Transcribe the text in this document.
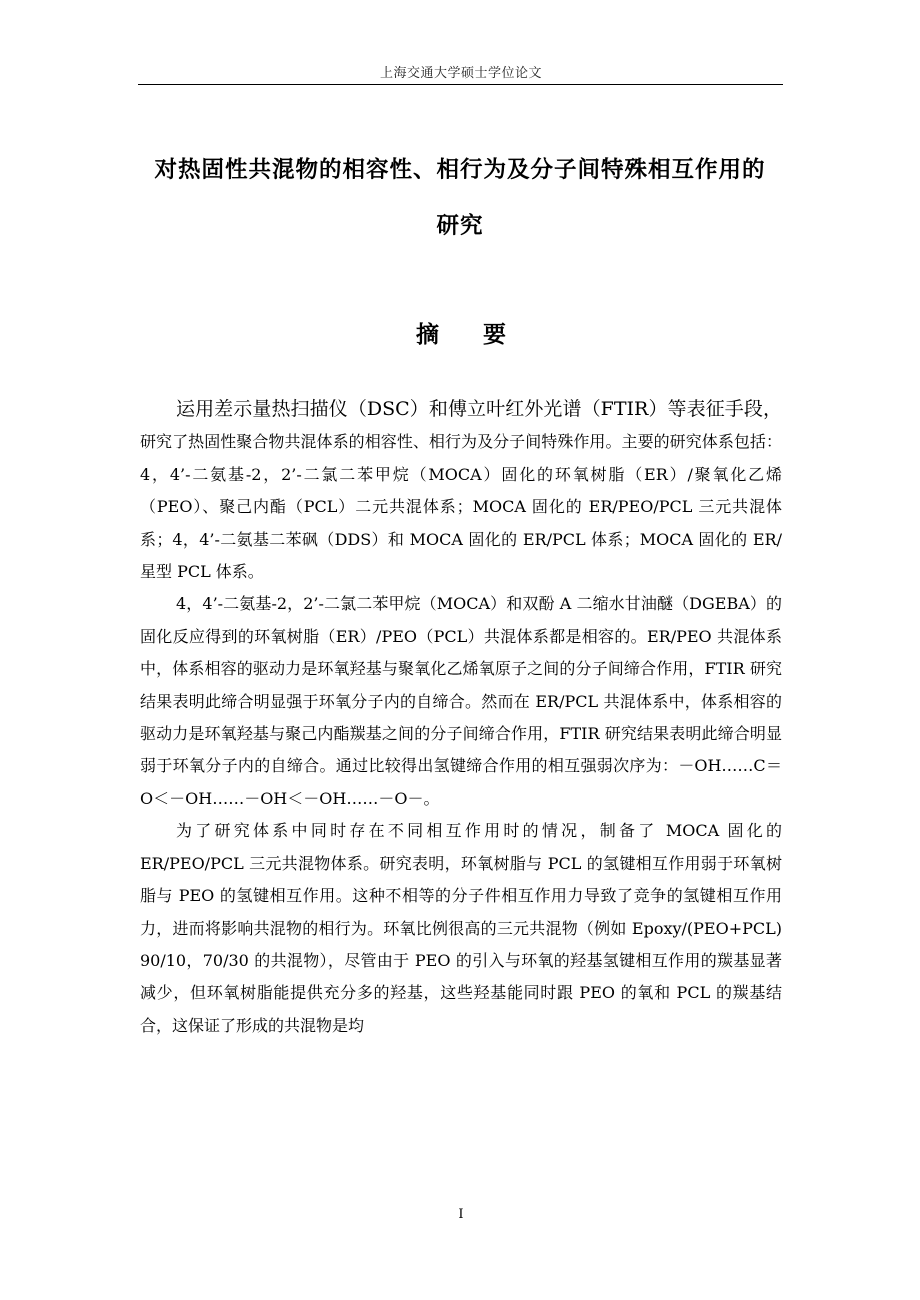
上海交通大学硕士学位论文
对热固性共混物的相容性、相行为及分子间特殊相互作用的
研究
摘 要

运用差示量热扫描仪（DSC）和傅立叶红外光谱（FTIR）等表征手段，研究了热固性聚合物共混体系的相容性、相行为及分子间特殊作用。主要的研究体系包括：4，4’-二氨基-2，2’-二氯二苯甲烷（MOCA）固化的环氧树脂（ER）/聚氧化乙烯（PEO）、聚己内酯（PCL）二元共混体系；MOCA 固化的 ER/PEO/PCL 三元共混体系；4，4’-二氨基二苯砜（DDS）和 MOCA 固化的 ER/PCL 体系；MOCA 固化的 ER/星型 PCL 体系。

4，4’-二氨基-2，2’-二氯二苯甲烷（MOCA）和双酚 A 二缩水甘油醚（DGEBA）的固化反应得到的环氧树脂（ER）/PEO（PCL）共混体系都是相容的。ER/PEO 共混体系中，体系相容的驱动力是环氧羟基与聚氧化乙烯氧原子之间的分子间缔合作用，FTIR 研究结果表明此缔合明显强于环氧分子内的自缔合。然而在 ER/PCL 共混体系中，体系相容的驱动力是环氧羟基与聚己内酯羰基之间的分子间缔合作用，FTIR 研究结果表明此缔合明显弱于环氧分子内的自缔合。通过比较得出氢键缔合作用的相互强弱次序为：－OH……C＝O＜－OH……－OH＜－OH……－O－。

为了研究体系中同时存在不同相互作用时的情况，制备了 MOCA 固化的 ER/PEO/PCL 三元共混物体系。研究表明，环氧树脂与 PCL 的氢键相互作用弱于环氧树脂与 PEO 的氢键相互作用。这种不相等的分子件相互作用力导致了竞争的氢键相互作用力，进而将影响共混物的相行为。环氧比例很高的三元共混物（例如 Epoxy/(PEO+PCL) 90/10，70/30 的共混物），尽管由于 PEO 的引入与环氧的羟基氢键相互作用的羰基显著减少，但环氧树脂能提供充分多的羟基，这些羟基能同时跟 PEO 的氧和 PCL 的羰基结合，这保证了形成的共混物是均

I
